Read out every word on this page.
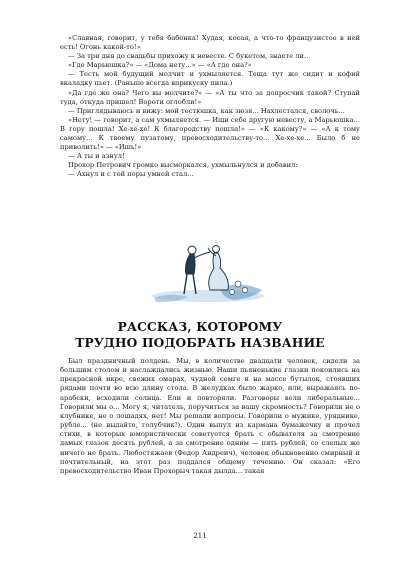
«Славная, говорит, у тебя бабенка! Худая, косая, а что-то французистое в ней есть! Огонь какой-то!»

— За три дня до свадьбы прихожу к невесте. С букетом, знаете ли...

«Где Марьюшка?» — «Дома нету...» — «А где она?»

— Тесть мой будущий молчит и ухмыляется. Теща тут же сидит и кофий вкаладку пьет. (Раньше всегда вприкуску пила.)

«Да где же она? Чего вы молчите?» — «А ты что за допросчик такой? Ступай туда, откуда пришел! Вороти оглобли!»

— Приглядываюсь и вижу: мой тестюшка, как зюзя... Нахлестался, сволочь...

«Нету! — говорит, а сам ухмыляется. — Ищи себе другую невесту, а Марьюшка... В гору пошла! Хе-хе-хе! К благородству пошла!» — «К какому?» — «А к тому самому... К твоему пузатому, превосходительству-то... Хе-хе-хе... Было б не приволить!» — «Ишь!»

— А ты и азнул!

Прохор Петрович громко высморкался, ухмыльнулся и добавил:

— Ахнул и с той поры умней стал...

РАССКАЗ, КОТОРОМУ
ТРУДНО ПОДОБРАТЬ НАЗВАНИЕ

Был праздничный полдень. Мы, в количестве двадцати человек, сидели за большим столом и наслаждались жизнью. Наши пьяненькие глазки покоились на прекрасной икре, свежих омарах, чудной семге и на массе бутылок, стоявших рядами почти во всю длину стола. В желудках было жарко, или, выражаясь по-арабски, всходили солнца. Ели и повторяли. Разговоры вели либеральные... Говорили мы о... Могу я, читатель, поручиться за вашу скромность? Говорили не о клубнике, не о лошадях, нет! Мы решали вопросы. Говорили о мужике, уряднике, рубле... (не выдайте, голубчик!). Один выпул из кармана бумажечку и прочел стихи, в которых юмористически советуется брать с обывателя за смотрение дамых глазок десять рублей, а за смотрение одним — пять рублей, со слепых же ничего не брать. Любостяжаев (Федор Андреич), человек обыкновенно смирный и почтительный, на этот раз поддался общему течению. Он сказал: «Его превосходительство Иван Прохорыч такая дылда... такая

211
